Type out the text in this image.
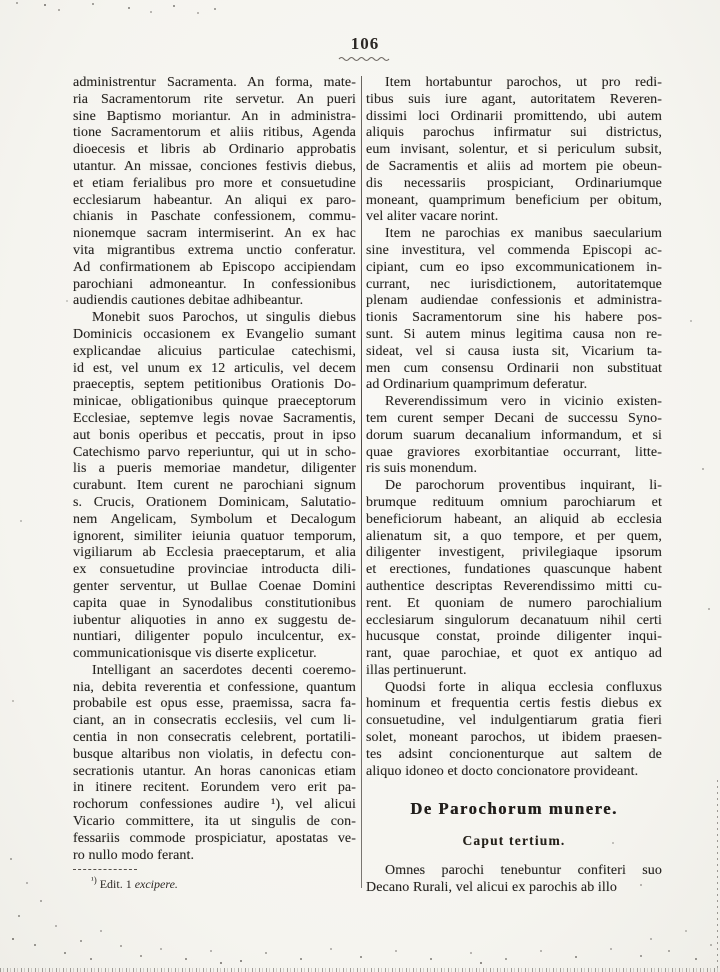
106
administrentur Sacramenta. An forma, mate-
ria Sacramentorum rite servetur. An pueri
sine Baptismo moriantur. An in administra-
tione Sacramentorum et aliis ritibus, Agenda
dioecesis et libris ab Ordinario approbatis
utantur. An missae, conciones festivis diebus,
et etiam ferialibus pro more et consuetudine
ecclesiarum habeantur. An aliqui ex paro-
chianis in Paschate confessionem, commu-
nionemque sacram intermiserint. An ex hac
vita migrantibus extrema unctio conferatur.
Ad confirmationem ab Episcopo accipiendam
parochiani admoneantur. In confessionibus
audiendis cautiones debitae adhibeantur.
Monebit suos Parochos, ut singulis diebus
Dominicis occasionem ex Evangelio sumant
explicandae alicuius particulae catechismi,
id est, vel unum ex 12 articulis, vel decem
praeceptis, septem petitionibus Orationis Do-
minicae, obligationibus quinque praeceptorum
Ecclesiae, septemve legis novae Sacramentis,
aut bonis operibus et peccatis, prout in ipso
Catechismo parvo reperiuntur, qui ut in scho-
lis a pueris memoriae mandetur, diligenter
curabunt. Item curent ne parochiani signum
s. Crucis, Orationem Dominicam, Salutatio-
nem Angelicam, Symbolum et Decalogum
ignorent, similiter ieiunia quatuor temporum,
vigiliarum ab Ecclesia praeceptarum, et alia
ex consuetudine provinciae introducta dili-
genter serventur, ut Bullae Coenae Domini
capita quae in Synodalibus constitutionibus
iubentur aliquoties in anno ex suggestu de-
nuntiari, diligenter populo inculcentur, ex-
communicationisque vis diserte explicetur.
Intelligant an sacerdotes decenti coeremo-
nia, debita reverentia et confessione, quantum
probabile est opus esse, praemissa, sacra fa-
ciant, an in consecratis ecclesiis, vel cum li-
centia in non consecratis celebrent, portatili-
busque altaribus non violatis, in defectu con-
secrationis utantur. An horas canonicas etiam
in itinere recitent. Eorundem vero erit pa-
rochorum confessiones audire ¹), vel alicui
Vicario committere, ita ut singulis de con-
fessariis commode prospiciatur, apostatas ve-
ro nullo modo ferant.
Item hortabuntur parochos, ut pro redi-
tibus suis iure agant, autoritatem Reveren-
dissimi loci Ordinarii promittendo, ubi autem
aliquis parochus infirmatur sui districtus,
eum invisant, solentur, et si periculum subsit,
de Sacramentis et aliis ad mortem pie obeun-
dis necessariis prospiciant, Ordinariumque
moneant, quamprimum beneficium per obitum,
vel aliter vacare norint.
Item ne parochias ex manibus saecularium
sine investitura, vel commenda Episcopi ac-
cipiant, cum eo ipso excommunicationem in-
currant, nec iurisdictionem, autoritatemque
plenam audiendae confessionis et administra-
tionis Sacramentorum sine his habere pos-
sunt. Si autem minus legitima causa non re-
sideat, vel si causa iusta sit, Vicarium ta-
men cum consensu Ordinarii non substituat
ad Ordinarium quamprimum deferatur.
Reverendissimum vero in vicinio existen-
tem curent semper Decani de successu Syno-
dorum suarum decanalium informandum, et si
quae graviores exorbitantiae occurrant, litte-
ris suis monendum.
De parochorum proventibus inquirant, li-
brumque redituum omnium parochiarum et
beneficiorum habeant, an aliquid ab ecclesia
alienatum sit, a quo tempore, et per quem,
diligenter investigent, privilegiaque ipsorum
et erectiones, fundationes quascunque habent
authentice descriptas Reverendissimo mitti cu-
rent. Et quoniam de numero parochialium
ecclesiarum singulorum decanatuum nihil certi
hucusque constat, proinde diligenter inqui-
rant, quae parochiae, et quot ex antiquo ad
illas pertinuerunt.
Quodsi forte in aliqua ecclesia confluxus
hominum et frequentia certis festis diebus ex
consuetudine, vel indulgentiarum gratia fieri
solet, moneant parochos, ut ibidem praesen-
tes adsint concionenturque aut saltem de
aliquo idoneo et docto concionatore provideant.
De Parochorum munere.
Caput tertium.
Omnes parochi tenebuntur confiteri suo
Decano Rurali, vel alicui ex parochis ab illo
$^{^1)}$ Edit. 1 excipere.
